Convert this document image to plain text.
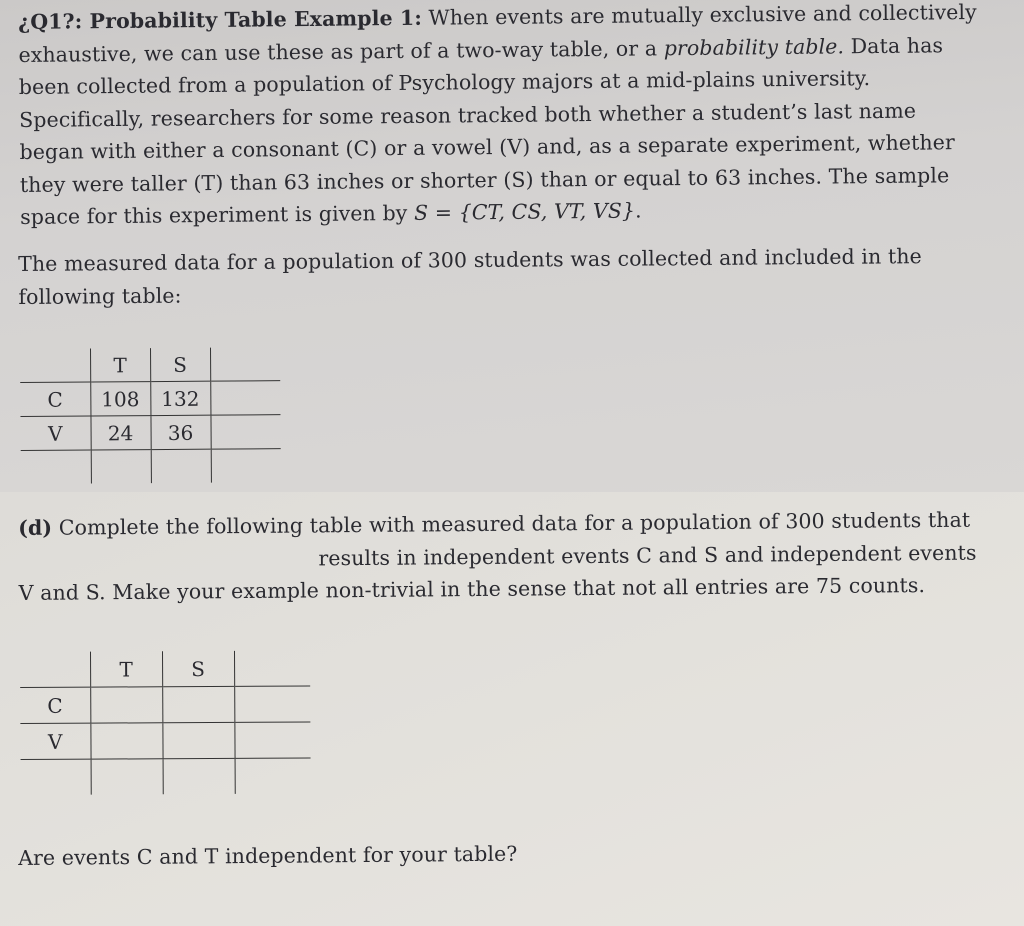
¿Q1?: Probability Table Example 1: When events are mutually exclusive and collectively exhaustive, we can use these as part of a two-way table, or a probability table. Data has been collected from a population of Psychology majors at a mid-plains university. Specifically, researchers for some reason tracked both whether a student’s last name began with either a consonant (C) or a vowel (V) and, as a separate experiment, whether they were taller (T) than 63 inches or shorter (S) than or equal to 63 inches. The sample space for this experiment is given by S = {CT, CS, VT, VS}.

The measured data for a population of 300 students was collected and included in the following table:

	T	S	
C	108	132	
V	24	36	

(d) Complete the following table with measured data for a population of 300 students that
results in independent events C and S and independent events
V and S. Make your example non-trivial in the sense that not all entries are 75 counts.

	T	S	
C			
V			

Are events C and T independent for your table?
